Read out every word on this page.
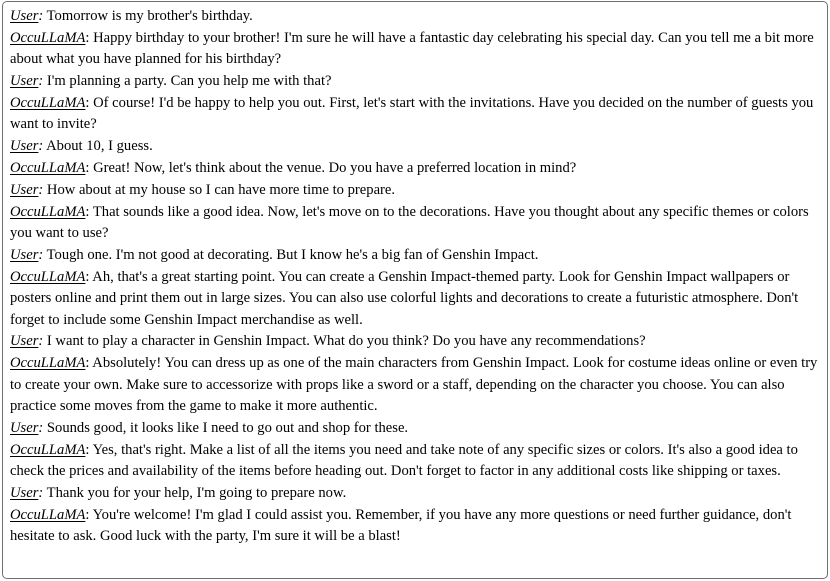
User: Tomorrow is my brother's birthday.
OccuLLaMA: Happy birthday to your brother! I'm sure he will have a fantastic day celebrating his special day. Can you tell me a bit more about what you have planned for his birthday?
User: I'm planning a party. Can you help me with that?
OccuLLaMA: Of course! I'd be happy to help you out. First, let's start with the invitations. Have you decided on the number of guests you want to invite?
User: About 10, I guess.
OccuLLaMA: Great! Now, let's think about the venue. Do you have a preferred location in mind?
User: How about at my house so I can have more time to prepare.
OccuLLaMA: That sounds like a good idea. Now, let's move on to the decorations. Have you thought about any specific themes or colors you want to use?
User: Tough one. I'm not good at decorating. But I know he's a big fan of Genshin Impact.
OccuLLaMA: Ah, that's a great starting point. You can create a Genshin Impact-themed party. Look for Genshin Impact wallpapers or posters online and print them out in large sizes. You can also use colorful lights and decorations to create a futuristic atmosphere. Don't forget to include some Genshin Impact merchandise as well.
User: I want to play a character in Genshin Impact. What do you think? Do you have any recommendations?
OccuLLaMA: Absolutely! You can dress up as one of the main characters from Genshin Impact. Look for costume ideas online or even try to create your own. Make sure to accessorize with props like a sword or a staff, depending on the character you choose. You can also practice some moves from the game to make it more authentic.
User: Sounds good, it looks like I need to go out and shop for these.
OccuLLaMA: Yes, that's right. Make a list of all the items you need and take note of any specific sizes or colors. It's also a good idea to check the prices and availability of the items before heading out. Don't forget to factor in any additional costs like shipping or taxes.
User: Thank you for your help, I'm going to prepare now.
OccuLLaMA: You're welcome! I'm glad I could assist you. Remember, if you have any more questions or need further guidance, don't hesitate to ask. Good luck with the party, I'm sure it will be a blast!
